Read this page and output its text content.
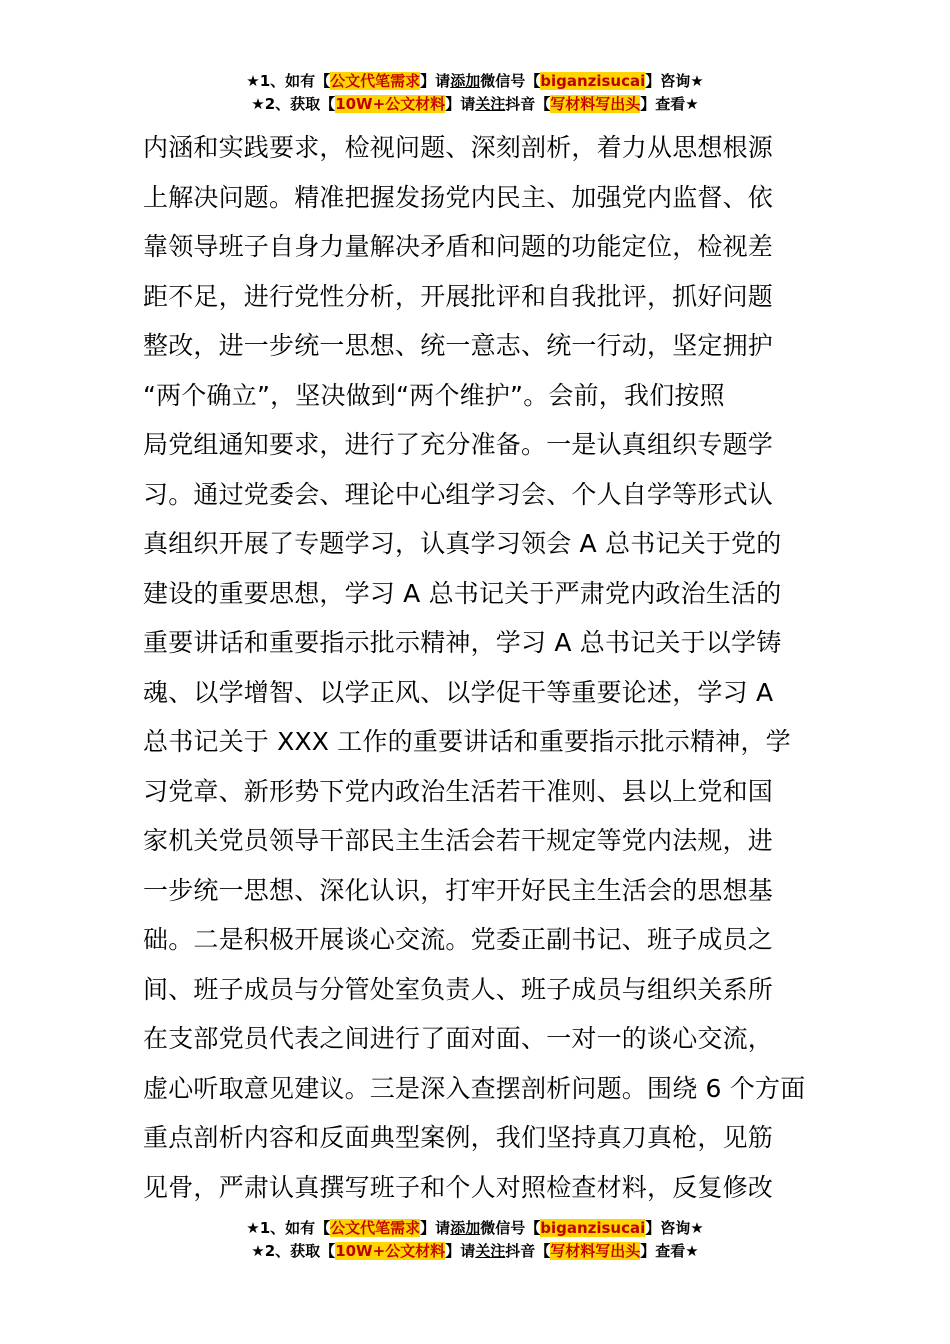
★1、如有【公文代笔需求】请添加微信号【biganzisucai】咨询★
★2、获取【10W+公文材料】请关注抖音【写材料写出头】查看★
内涵和实践要求，检视问题、深刻剖析，着力从思想根源
上解决问题。精准把握发扬党内民主、加强党内监督、依
靠领导班子自身力量解决矛盾和问题的功能定位，检视差
距不足，进行党性分析，开展批评和自我批评，抓好问题
整改，进一步统一思想、统一意志、统一行动，坚定拥护
“两个确立”，坚决做到“两个维护”。会前，我们按照
局党组通知要求，进行了充分准备。一是认真组织专题学
习。通过党委会、理论中心组学习会、个人自学等形式认
真组织开展了专题学习，认真学习领会 A 总书记关于党的
建设的重要思想，学习 A 总书记关于严肃党内政治生活的
重要讲话和重要指示批示精神，学习 A 总书记关于以学铸
魂、以学增智、以学正风、以学促干等重要论述，学习 A
总书记关于 XXX 工作的重要讲话和重要指示批示精神，学
习党章、新形势下党内政治生活若干准则、县以上党和国
家机关党员领导干部民主生活会若干规定等党内法规，进
一步统一思想、深化认识，打牢开好民主生活会的思想基
础。二是积极开展谈心交流。党委正副书记、班子成员之
间、班子成员与分管处室负责人、班子成员与组织关系所
在支部党员代表之间进行了面对面、一对一的谈心交流，
虚心听取意见建议。三是深入查摆剖析问题。围绕 6 个方面
重点剖析内容和反面典型案例，我们坚持真刀真枪，见筋
见骨，严肃认真撰写班子和个人对照检查材料，反复修改
★1、如有【公文代笔需求】请添加微信号【biganzisucai】咨询★
★2、获取【10W+公文材料】请关注抖音【写材料写出头】查看★
